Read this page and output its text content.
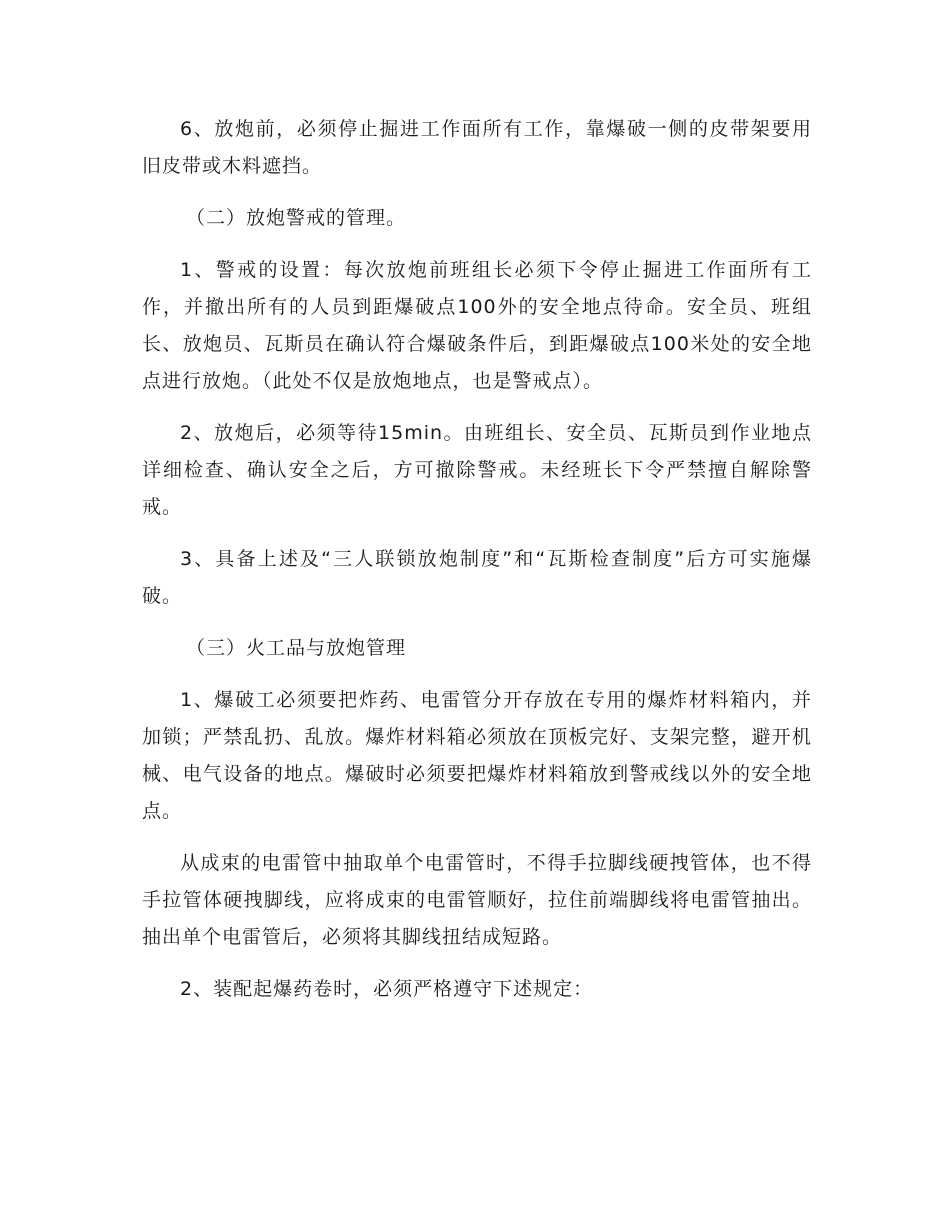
6、放炮前，必须停止掘进工作面所有工作，靠爆破一侧的皮带架要用旧皮带或木料遮挡。

（二）放炮警戒的管理。

1、警戒的设置：每次放炮前班组长必须下令停止掘进工作面所有工作，并撤出所有的人员到距爆破点100外的安全地点待命。安全员、班组长、放炮员、瓦斯员在确认符合爆破条件后，到距爆破点100米处的安全地点进行放炮。（此处不仅是放炮地点，也是警戒点）。

2、放炮后，必须等待15min。由班组长、安全员、瓦斯员到作业地点详细检查、确认安全之后，方可撤除警戒。未经班长下令严禁擅自解除警戒。

3、具备上述及“三人联锁放炮制度”和“瓦斯检查制度”后方可实施爆破。

（三）火工品与放炮管理

1、爆破工必须要把炸药、电雷管分开存放在专用的爆炸材料箱内，并加锁；严禁乱扔、乱放。爆炸材料箱必须放在顶板完好、支架完整，避开机械、电气设备的地点。爆破时必须要把爆炸材料箱放到警戒线以外的安全地点。

从成束的电雷管中抽取单个电雷管时，不得手拉脚线硬拽管体，也不得手拉管体硬拽脚线，应将成束的电雷管顺好，拉住前端脚线将电雷管抽出。抽出单个电雷管后，必须将其脚线扭结成短路。

2、装配起爆药卷时，必须严格遵守下述规定：
